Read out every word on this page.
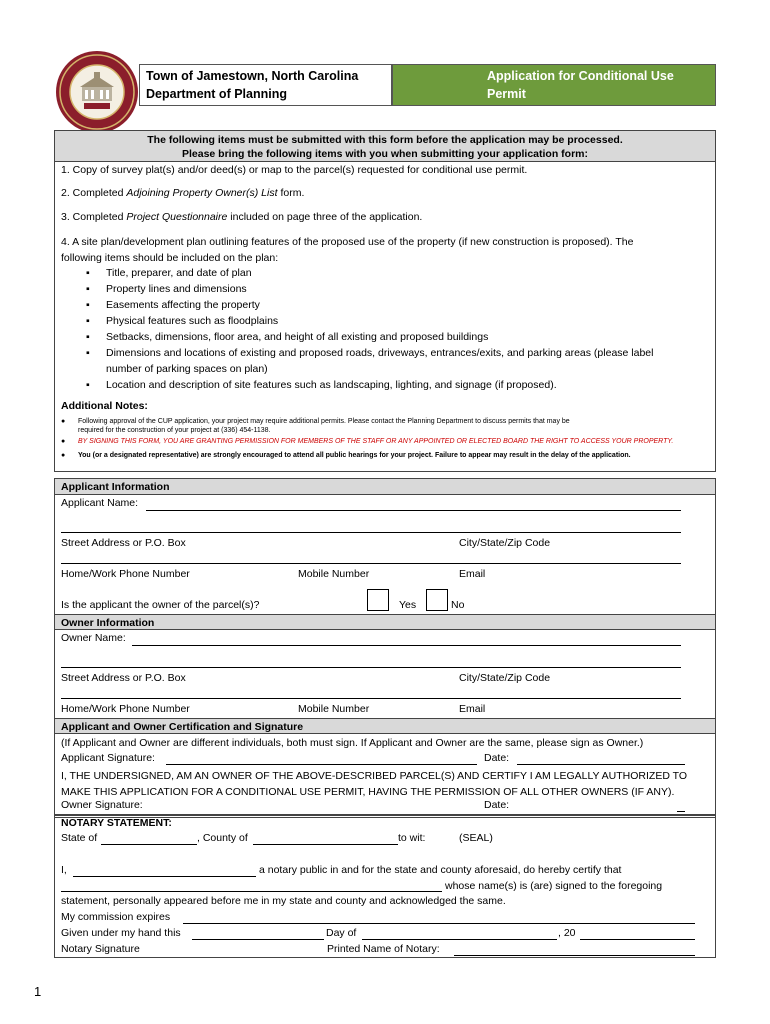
Town of Jamestown, North Carolina
Department of Planning
Application for Conditional Use
Permit
The following items must be submitted with this form before the application may be processed.
Please bring the following items with you when submitting your application form:
1. Copy of survey plat(s) and/or deed(s) or map to the parcel(s) requested for conditional use permit.
2. Completed Adjoining Property Owner(s) List form.
3. Completed Project Questionnaire included on page three of the application.
4. A site plan/development plan outlining features of the proposed use of the property (if new construction is proposed). The
following items should be included on the plan:
▪ Title, preparer, and date of plan
▪ Property lines and dimensions
▪ Easements affecting the property
▪ Physical features such as floodplains
▪ Setbacks, dimensions, floor area, and height of all existing and proposed buildings
▪ Dimensions and locations of existing and proposed roads, driveways, entrances/exits, and parking areas (please label
number of parking spaces on plan)
▪ Location and description of site features such as landscaping, lighting, and signage (if proposed).
Additional Notes:
● Following approval of the CUP application, your project may require additional permits. Please contact the Planning Department to discuss permits that may be
required for the construction of your project at (336) 454-1138.
● BY SIGNING THIS FORM, YOU ARE GRANTING PERMISSION FOR MEMBERS OF THE STAFF OR ANY APPOINTED OR ELECTED BOARD THE RIGHT TO ACCESS YOUR PROPERTY.
● You (or a designated representative) are strongly encouraged to attend all public hearings for your project. Failure to appear may result in the delay of the application.
Applicant Information
Applicant Name:
Street Address or P.O. Box	City/State/Zip Code
Home/Work Phone Number	Mobile Number	Email
Is the applicant the owner of the parcel(s)?	Yes	No
Owner Information
Owner Name:
Street Address or P.O. Box	City/State/Zip Code
Home/Work Phone Number	Mobile Number	Email
Applicant and Owner Certification and Signature
(If Applicant and Owner are different individuals, both must sign. If Applicant and Owner are the same, please sign as Owner.)
Applicant Signature:	Date:
I, THE UNDERSIGNED, AM AN OWNER OF THE ABOVE-DESCRIBED PARCEL(S) AND CERTIFY I AM LEGALLY AUTHORIZED TO
MAKE THIS APPLICATION FOR A CONDITIONAL USE PERMIT, HAVING THE PERMISSION OF ALL OTHER OWNERS (IF ANY).
Owner Signature:	Date:
NOTARY STATEMENT:
State of	, County of	to wit:	(SEAL)
I,	a notary public in and for the state and county aforesaid, do hereby certify that
whose name(s) is (are) signed to the foregoing
statement, personally appeared before me in my state and county and acknowledged the same.
My commission expires
Given under my hand this	Day of	, 20
Notary Signature	Printed Name of Notary:
1
